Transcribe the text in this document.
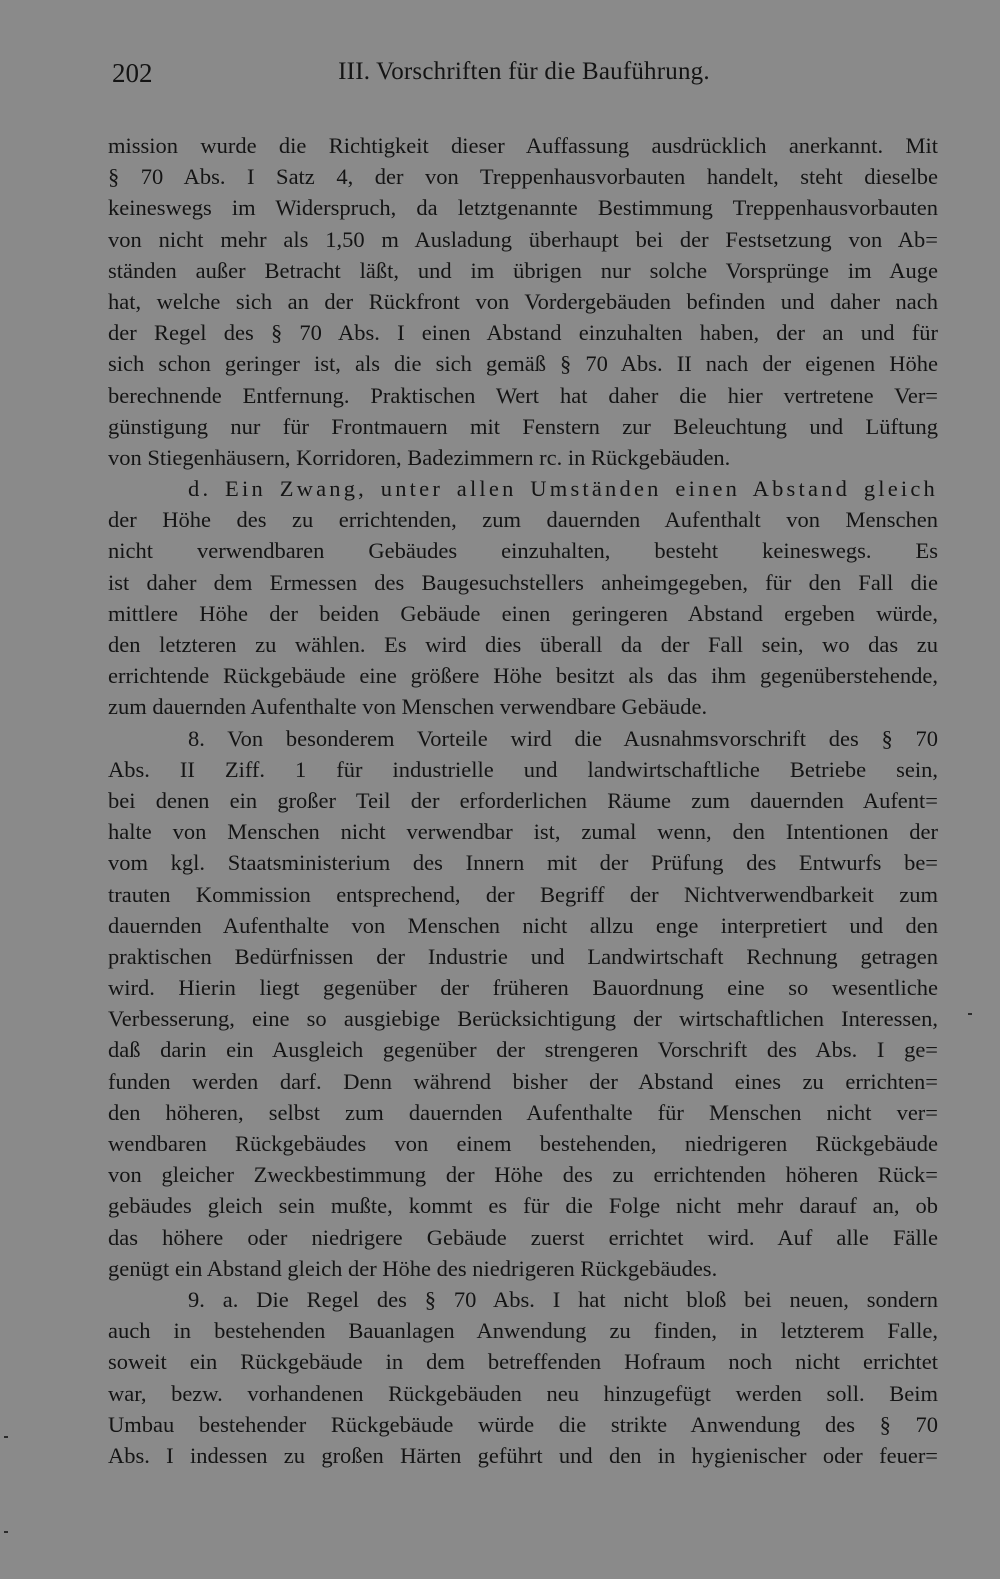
202	III. Vorschriften für die Bauführung.
mission wurde die Richtigkeit dieser Auffassung ausdrücklich anerkannt. Mit
§ 70 Abs. I Satz 4, der von Treppenhausvorbauten handelt, steht dieselbe
keineswegs im Widerspruch, da letztgenannte Bestimmung Treppenhausvorbauten
von nicht mehr als 1,50 m Ausladung überhaupt bei der Festsetzung von Ab=
ständen außer Betracht läßt, und im übrigen nur solche Vorsprünge im Auge
hat, welche sich an der Rückfront von Vordergebäuden befinden und daher nach
der Regel des § 70 Abs. I einen Abstand einzuhalten haben, der an und für
sich schon geringer ist, als die sich gemäß § 70 Abs. II nach der eigenen Höhe
berechnende Entfernung. Praktischen Wert hat daher die hier vertretene Ver=
günstigung nur für Frontmauern mit Fenstern zur Beleuchtung und Lüftung
von Stiegenhäusern, Korridoren, Badezimmern rc. in Rückgebäuden.
d. Ein Zwang, unter allen Umständen einen Abstand gleich
der Höhe des zu errichtenden, zum dauernden Aufenthalt von Menschen
nicht verwendbaren Gebäudes einzuhalten, besteht keineswegs. Es
ist daher dem Ermessen des Baugesuchstellers anheimgegeben, für den Fall die
mittlere Höhe der beiden Gebäude einen geringeren Abstand ergeben würde,
den letzteren zu wählen. Es wird dies überall da der Fall sein, wo das zu
errichtende Rückgebäude eine größere Höhe besitzt als das ihm gegenüberstehende,
zum dauernden Aufenthalte von Menschen verwendbare Gebäude.
8. Von besonderem Vorteile wird die Ausnahmsvorschrift des § 70
Abs. II Ziff. 1 für industrielle und landwirtschaftliche Betriebe sein,
bei denen ein großer Teil der erforderlichen Räume zum dauernden Aufent=
halte von Menschen nicht verwendbar ist, zumal wenn, den Intentionen der
vom kgl. Staatsministerium des Innern mit der Prüfung des Entwurfs be=
trauten Kommission entsprechend, der Begriff der Nichtverwendbarkeit zum
dauernden Aufenthalte von Menschen nicht allzu enge interpretiert und den
praktischen Bedürfnissen der Industrie und Landwirtschaft Rechnung getragen
wird. Hierin liegt gegenüber der früheren Bauordnung eine so wesentliche
Verbesserung, eine so ausgiebige Berücksichtigung der wirtschaftlichen Interessen,
daß darin ein Ausgleich gegenüber der strengeren Vorschrift des Abs. I ge=
funden werden darf. Denn während bisher der Abstand eines zu errichten=
den höheren, selbst zum dauernden Aufenthalte für Menschen nicht ver=
wendbaren Rückgebäudes von einem bestehenden, niedrigeren Rückgebäude
von gleicher Zweckbestimmung der Höhe des zu errichtenden höheren Rück=
gebäudes gleich sein mußte, kommt es für die Folge nicht mehr darauf an, ob
das höhere oder niedrigere Gebäude zuerst errichtet wird. Auf alle Fälle
genügt ein Abstand gleich der Höhe des niedrigeren Rückgebäudes.
9. a. Die Regel des § 70 Abs. I hat nicht bloß bei neuen, sondern
auch in bestehenden Bauanlagen Anwendung zu finden, in letzterem Falle,
soweit ein Rückgebäude in dem betreffenden Hofraum noch nicht errichtet
war, bezw. vorhandenen Rückgebäuden neu hinzugefügt werden soll. Beim
Umbau bestehender Rückgebäude würde die strikte Anwendung des § 70
Abs. I indessen zu großen Härten geführt und den in hygienischer oder feuer=
